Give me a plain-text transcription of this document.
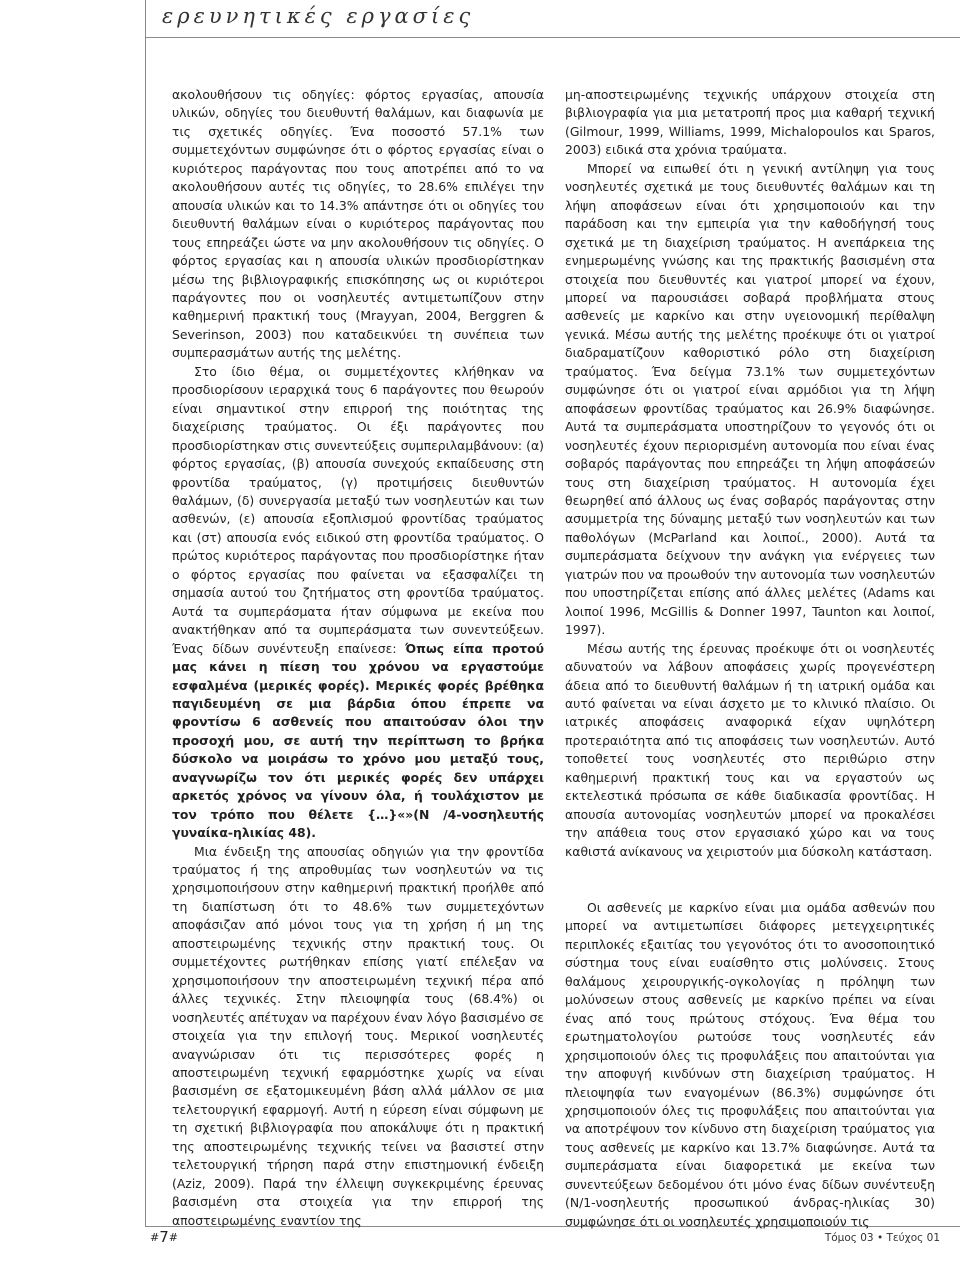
ερευνητικές εργασίες

ακολουθήσουν τις οδηγίες: φόρτος εργασίας, απουσία υλικών, οδηγίες του διευθυντή θαλάμων, και διαφωνία με τις σχετικές οδηγίες. Ένα ποσοστό 57.1% των συμμετεχόντων συμφώνησε ότι ο φόρτος εργασίας είναι ο κυριότερος παράγοντας που τους αποτρέπει από το να ακολουθήσουν αυτές τις οδηγίες, το 28.6% επιλέγει την απουσία υλικών και το 14.3% απάντησε ότι οι οδηγίες του διευθυντή θαλάμων είναι ο κυριότερος παράγοντας που τους επηρεάζει ώστε να μην ακολουθήσουν τις οδηγίες. Ο φόρτος εργασίας και η απουσία υλικών προσδιορίστηκαν μέσω της βιβλιογραφικής επισκόπησης ως οι κυριότεροι παράγοντες που οι νοσηλευτές αντιμετωπίζουν στην καθημερινή πρακτική τους (Mrayyan, 2004, Berggren & Severinson, 2003) που καταδεικνύει τη συνέπεια των συμπερασμάτων αυτής της μελέτης.

Στο ίδιο θέμα, οι συμμετέχοντες κλήθηκαν να προσδιορίσουν ιεραρχικά τους 6 παράγοντες που θεωρούν είναι σημαντικοί στην επιρροή της ποιότητας της διαχείρισης τραύματος. Οι έξι παράγοντες που προσδιορίστηκαν στις συνεντεύξεις συμπεριλαμβάνουν: (α) φόρτος εργασίας, (β) απουσία συνεχούς εκπαίδευσης στη φροντίδα τραύματος, (γ) προτιμήσεις διευθυντών θαλάμων, (δ) συνεργασία μεταξύ των νοσηλευτών και των ασθενών, (ε) απουσία εξοπλισμού φροντίδας τραύματος και (στ) απουσία ενός ειδικού στη φροντίδα τραύματος. Ο πρώτος κυριότερος παράγοντας που προσδιορίστηκε ήταν ο φόρτος εργασίας που φαίνεται να εξασφαλίζει τη σημασία αυτού του ζητήματος στη φροντίδα τραύματος. Αυτά τα συμπεράσματα ήταν σύμφωνα με εκείνα που ανακτήθηκαν από τα συμπεράσματα των συνεντεύξεων. Ένας δίδων συνέντευξη επαίνεσε: Όπως είπα προτού μας κάνει η πίεση του χρόνου να εργαστούμε εσφαλμένα (μερικές φορές). Μερικές φορές βρέθηκα παγιδευμένη σε μια βάρδια όπου έπρεπε να φροντίσω 6 ασθενείς που απαιτούσαν όλοι την προσοχή μου, σε αυτή την περίπτωση το βρήκα δύσκολο να μοιράσω το χρόνο μου μεταξύ τους, αναγνωρίζω τον ότι μερικές φορές δεν υπάρχει αρκετός χρόνος να γίνουν όλα, ή τουλάχιστον με τον τρόπο που θέλετε {…}«»(Ν /4-νοσηλευτής γυναίκα-ηλικίας 48).

Μια ένδειξη της απουσίας οδηγιών για την φροντίδα τραύματος ή της απροθυμίας των νοσηλευτών να τις χρησιμοποιήσουν στην καθημερινή πρακτική προήλθε από τη διαπίστωση ότι το 48.6% των συμμετεχόντων αποφάσιζαν από μόνοι τους για τη χρήση ή μη της αποστειρωμένης τεχνικής στην πρακτική τους. Οι συμμετέχοντες ρωτήθηκαν επίσης γιατί επέλεξαν να χρησιμοποιήσουν την αποστειρωμένη τεχνική πέρα από άλλες τεχνικές. Στην πλειοψηφία τους (68.4%) οι νοσηλευτές απέτυχαν να παρέχουν έναν λόγο βασισμένο σε στοιχεία για την επιλογή τους. Μερικοί νοσηλευτές αναγνώρισαν ότι τις περισσότερες φορές η αποστειρωμένη τεχνική εφαρμόστηκε χωρίς να είναι βασισμένη σε εξατομικευμένη βάση αλλά μάλλον σε μια τελετουργική εφαρμογή. Αυτή η εύρεση είναι σύμφωνη με τη σχετική βιβλιογραφία που αποκάλυψε ότι η πρακτική της αποστειρωμένης τεχνικής τείνει να βασιστεί στην τελετουργική τήρηση παρά στην επιστημονική ένδειξη (Aziz, 2009). Παρά την έλλειψη συγκεκριμένης έρευνας βασισμένη στα στοιχεία για την επιρροή της αποστειρωμένης εναντίον της

μη-αποστειρωμένης τεχνικής υπάρχουν στοιχεία στη βιβλιογραφία για μια μετατροπή προς μια καθαρή τεχνική (Gilmour, 1999, Williams, 1999, Michalopoulos και Sparos, 2003) ειδικά στα χρόνια τραύματα.

Μπορεί να ειπωθεί ότι η γενική αντίληψη για τους νοσηλευτές σχετικά με τους διευθυντές θαλάμων και τη λήψη αποφάσεων είναι ότι χρησιμοποιούν και την παράδοση και την εμπειρία για την καθοδήγησή τους σχετικά με τη διαχείριση τραύματος. Η ανεπάρκεια της ενημερωμένης γνώσης και της πρακτικής βασισμένη στα στοιχεία που διευθυντές και γιατροί μπορεί να έχουν, μπορεί να παρουσιάσει σοβαρά προβλήματα στους ασθενείς με καρκίνο και στην υγειονομική περίθαλψη γενικά. Μέσω αυτής της μελέτης προέκυψε ότι οι γιατροί διαδραματίζουν καθοριστικό ρόλο στη διαχείριση τραύματος. Ένα δείγμα 73.1% των συμμετεχόντων συμφώνησε ότι οι γιατροί είναι αρμόδιοι για τη λήψη αποφάσεων φροντίδας τραύματος και 26.9% διαφώνησε. Αυτά τα συμπεράσματα υποστηρίζουν το γεγονός ότι οι νοσηλευτές έχουν περιορισμένη αυτονομία που είναι ένας σοβαρός παράγοντας που επηρεάζει τη λήψη αποφάσεών τους στη διαχείριση τραύματος. Η αυτονομία έχει θεωρηθεί από άλλους ως ένας σοβαρός παράγοντας στην ασυμμετρία της δύναμης μεταξύ των νοσηλευτών και των παθολόγων (McParland και λοιποί., 2000). Αυτά τα συμπεράσματα δείχνουν την ανάγκη για ενέργειες των γιατρών που να προωθούν την αυτονομία των νοσηλευτών που υποστηρίζεται επίσης από άλλες μελέτες (Adams και λοιποί 1996, McGillis & Donner 1997, Taunton και λοιποί, 1997).

Μέσω αυτής της έρευνας προέκυψε ότι οι νοσηλευτές αδυνατούν να λάβουν αποφάσεις χωρίς προγενέστερη άδεια από το διευθυντή θαλάμων ή τη ιατρική ομάδα και αυτό φαίνεται να είναι άσχετο με το κλινικό πλαίσιο. Οι ιατρικές αποφάσεις αναφορικά είχαν υψηλότερη προτεραιότητα από τις αποφάσεις των νοσηλευτών. Αυτό τοποθετεί τους νοσηλευτές στο περιθώριο στην καθημερινή πρακτική τους και να εργαστούν ως εκτελεστικά πρόσωπα σε κάθε διαδικασία φροντίδας. Η απουσία αυτονομίας νοσηλευτών μπορεί να προκαλέσει την απάθεια τους στον εργασιακό χώρο και να τους καθιστά ανίκανους να χειριστούν μια δύσκολη κατάσταση.

Οι ασθενείς με καρκίνο είναι μια ομάδα ασθενών που μπορεί να αντιμετωπίσει διάφορες μετεγχειρητικές περιπλοκές εξαιτίας του γεγονότος ότι το ανοσοποιητικό σύστημα τους είναι ευαίσθητο στις μολύνσεις. Στους θαλάμους χειρουργικής-ογκολογίας η πρόληψη των μολύνσεων στους ασθενείς με καρκίνο πρέπει να είναι ένας από τους πρώτους στόχους. Ένα θέμα του ερωτηματολογίου ρωτούσε τους νοσηλευτές εάν χρησιμοποιούν όλες τις προφυλάξεις που απαιτούνται για την αποφυγή κινδύνων στη διαχείριση τραύματος. Η πλειοψηφία των εναγομένων (86.3%) συμφώνησε ότι χρησιμοποιούν όλες τις προφυλάξεις που απαιτούνται για να αποτρέψουν τον κίνδυνο στη διαχείριση τραύματος για τους ασθενείς με καρκίνο και 13.7% διαφώνησε. Αυτά τα συμπεράσματα είναι διαφορετικά με εκείνα των συνεντεύξεων δεδομένου ότι μόνο ένας δίδων συνέντευξη (Ν/1-νοσηλευτής προσωπικού άνδρας-ηλικίας 30) συμφώνησε ότι οι νοσηλευτές χρησιμοποιούν τις

#7#	Τόμος 03 • Τεύχος 01
